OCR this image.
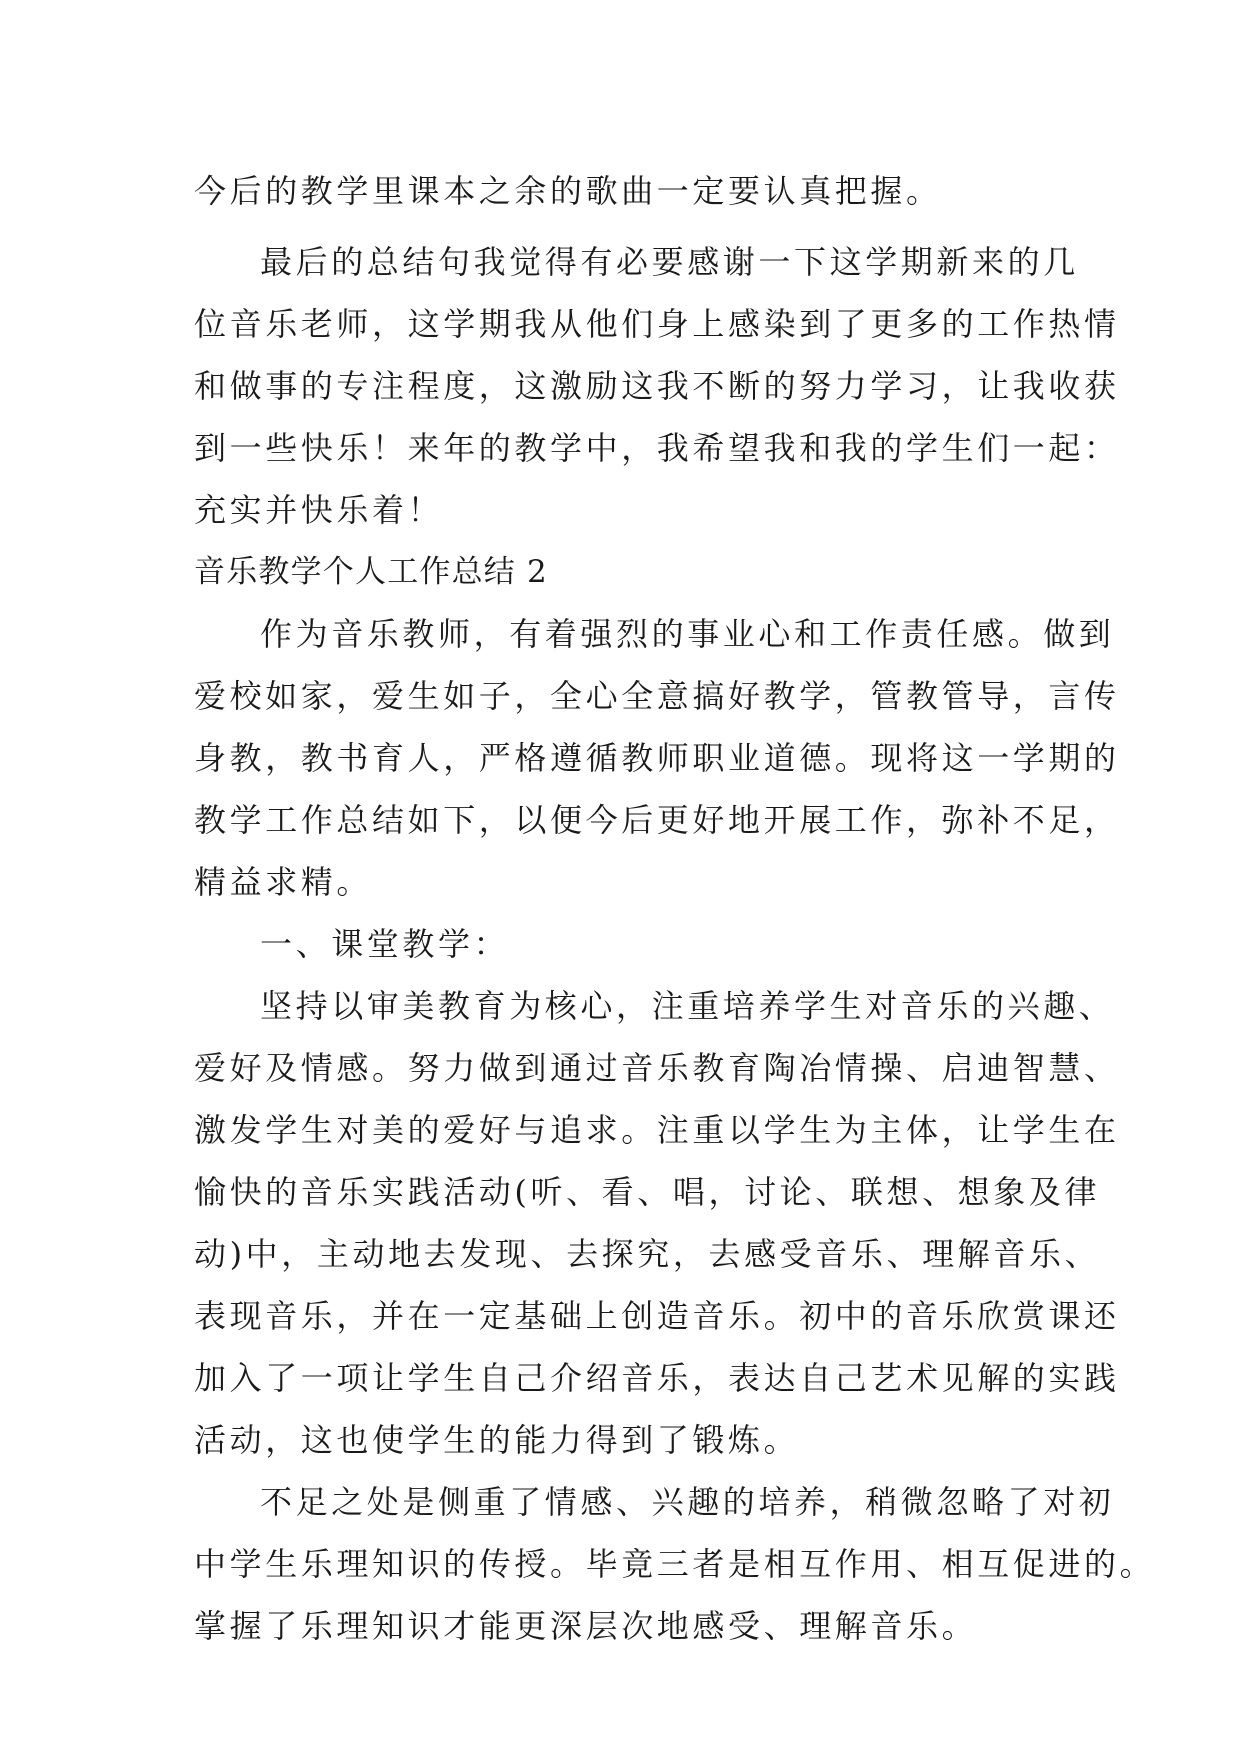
今后的教学里课本之余的歌曲一定要认真把握。
最后的总结句我觉得有必要感谢一下这学期新来的几
位音乐老师，这学期我从他们身上感染到了更多的工作热情
和做事的专注程度，这激励这我不断的努力学习，让我收获
到一些快乐！来年的教学中，我希望我和我的学生们一起：
充实并快乐着！
音乐教学个人工作总结 2
作为音乐教师，有着强烈的事业心和工作责任感。做到
爱校如家，爱生如子，全心全意搞好教学，管教管导，言传
身教，教书育人，严格遵循教师职业道德。现将这一学期的
教学工作总结如下，以便今后更好地开展工作，弥补不足，
精益求精。
一、课堂教学：
坚持以审美教育为核心，注重培养学生对音乐的兴趣、
爱好及情感。努力做到通过音乐教育陶冶情操、启迪智慧、
激发学生对美的爱好与追求。注重以学生为主体，让学生在
愉快的音乐实践活动(听、看、唱，讨论、联想、想象及律
动)中，主动地去发现、去探究，去感受音乐、理解音乐、
表现音乐，并在一定基础上创造音乐。初中的音乐欣赏课还
加入了一项让学生自己介绍音乐，表达自己艺术见解的实践
活动，这也使学生的能力得到了锻炼。
不足之处是侧重了情感、兴趣的培养，稍微忽略了对初
中学生乐理知识的传授。毕竟三者是相互作用、相互促进的。
掌握了乐理知识才能更深层次地感受、理解音乐。
